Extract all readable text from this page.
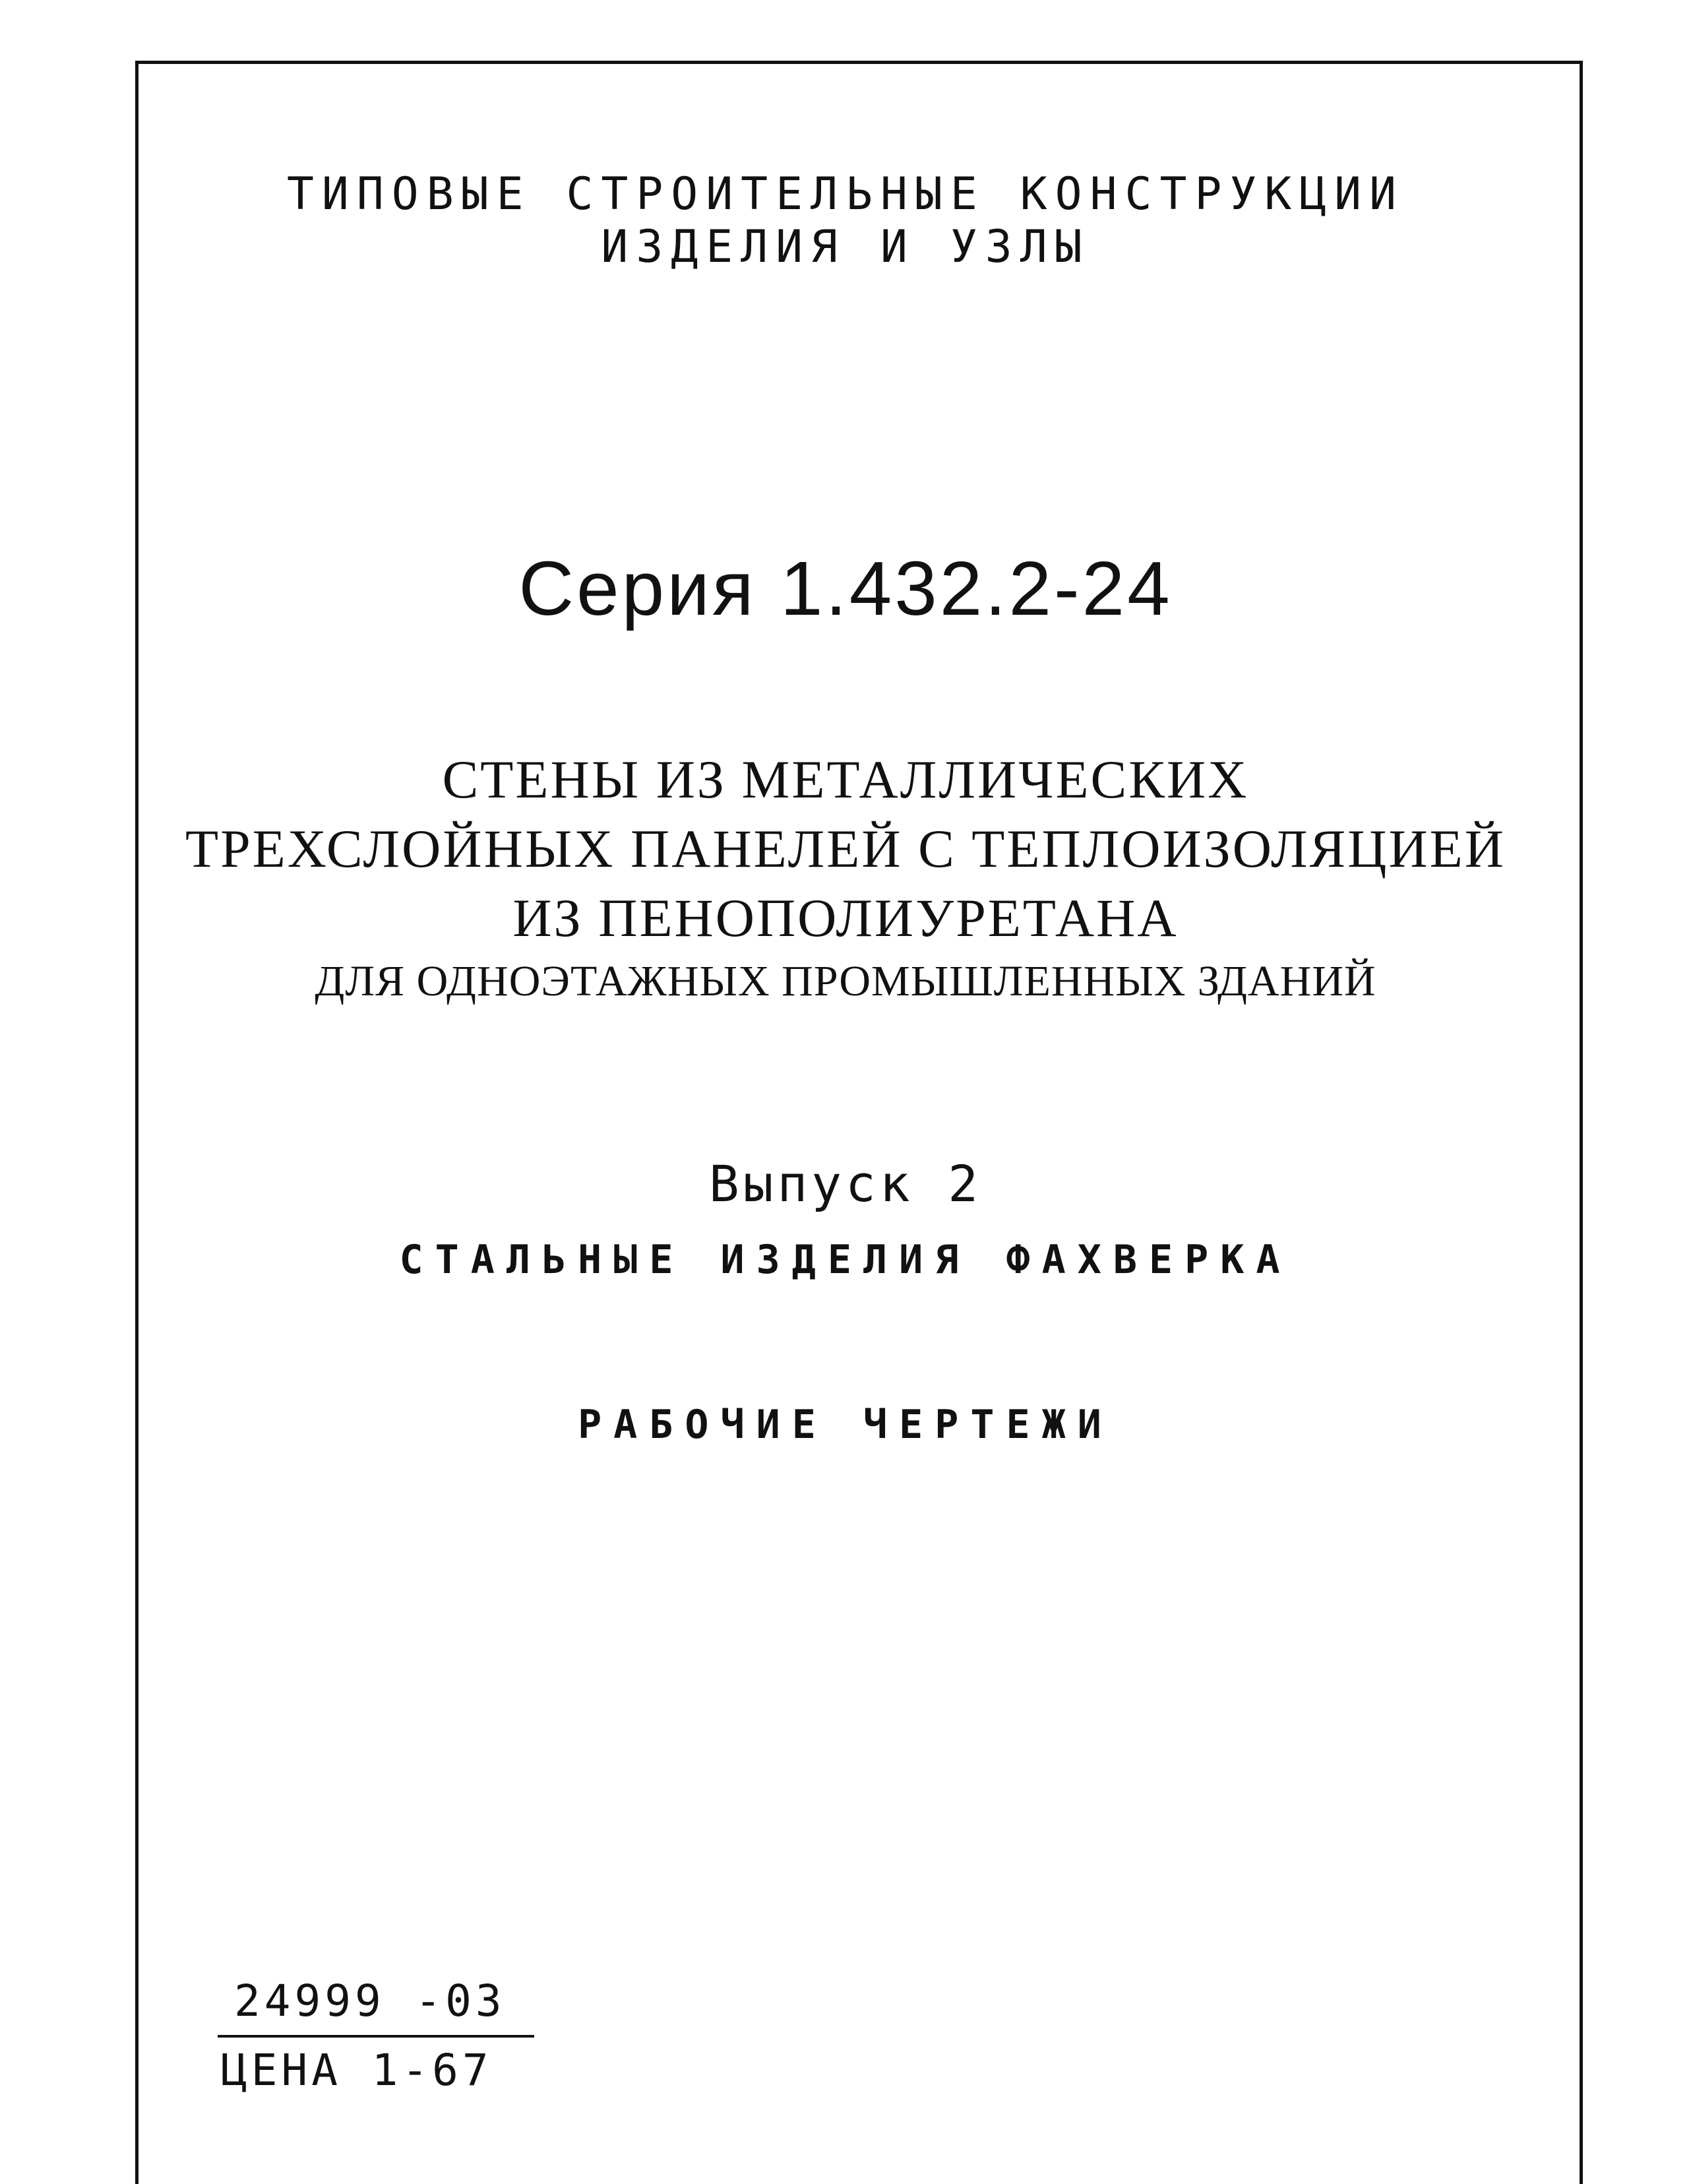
ТИПОВЫЕ СТРОИТЕЛЬНЫЕ КОНСТРУКЦИИ
ИЗДЕЛИЯ И УЗЛЫ
Серия 1.432.2-24
СТЕНЫ ИЗ МЕТАЛЛИЧЕСКИХ
ТРЕХСЛОЙНЫХ ПАНЕЛЕЙ С ТЕПЛОИЗОЛЯЦИЕЙ
ИЗ ПЕНОПОЛИУРЕТАНА
ДЛЯ ОДНОЭТАЖНЫХ ПРОМЫШЛЕННЫХ ЗДАНИЙ
Выпуск 2
СТАЛЬНЫЕ ИЗДЕЛИЯ ФАХВЕРКА
РАБОЧИЕ ЧЕРТЕЖИ
24999 -03
ЦЕНА 1-67
